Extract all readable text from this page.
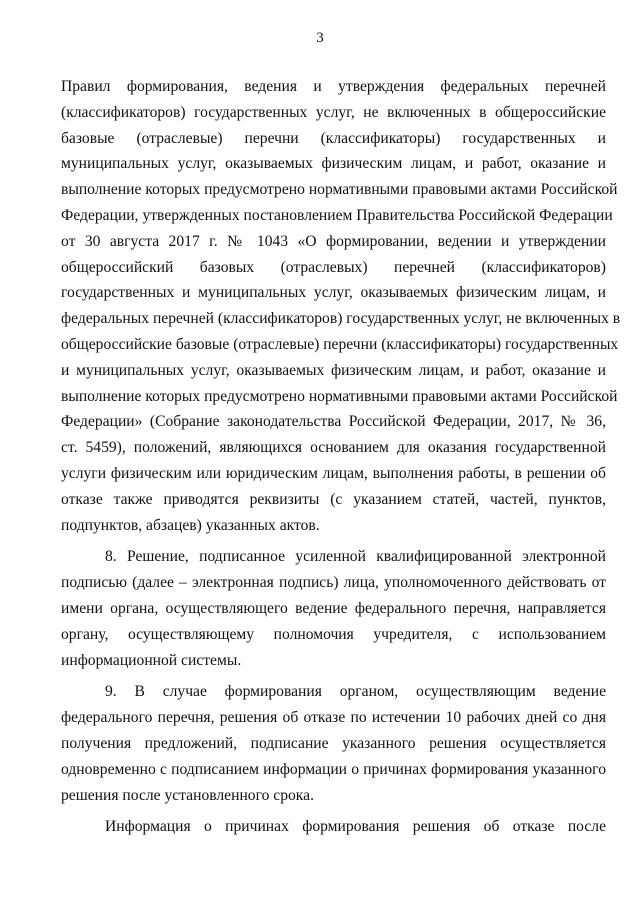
3
Правил формирования, ведения и утверждения федеральных перечней
(классификаторов) государственных услуг, не включенных в общероссийские
базовые (отраслевые) перечни (классификаторы) государственных и
муниципальных услуг, оказываемых физическим лицам, и работ, оказание и
выполнение которых предусмотрено нормативными правовыми актами Российской
Федерации, утвержденных постановлением Правительства Российской Федерации
от 30 августа 2017 г. № 1043 «О формировании, ведении и утверждении
общероссийский базовых (отраслевых) перечней (классификаторов)
государственных и муниципальных услуг, оказываемых физическим лицам, и
федеральных перечней (классификаторов) государственных услуг, не включенных в
общероссийские базовые (отраслевые) перечни (классификаторы) государственных
и муниципальных услуг, оказываемых физическим лицам, и работ, оказание и
выполнение которых предусмотрено нормативными правовыми актами Российской
Федерации» (Собрание законодательства Российской Федерации, 2017, № 36,
ст. 5459), положений, являющихся основанием для оказания государственной
услуги физическим или юридическим лицам, выполнения работы, в решении об
отказе также приводятся реквизиты (с указанием статей, частей, пунктов,
подпунктов, абзацев) указанных актов.
8. Решение, подписанное усиленной квалифицированной электронной
подписью (далее – электронная подпись) лица, уполномоченного действовать от
имени органа, осуществляющего ведение федерального перечня, направляется
органу, осуществляющему полномочия учредителя, с использованием
информационной системы.
9. В случае формирования органом, осуществляющим ведение
федерального перечня, решения об отказе по истечении 10 рабочих дней со дня
получения предложений, подписание указанного решения осуществляется
одновременно с подписанием информации о причинах формирования указанного
решения после установленного срока.
Информация о причинах формирования решения об отказе после
